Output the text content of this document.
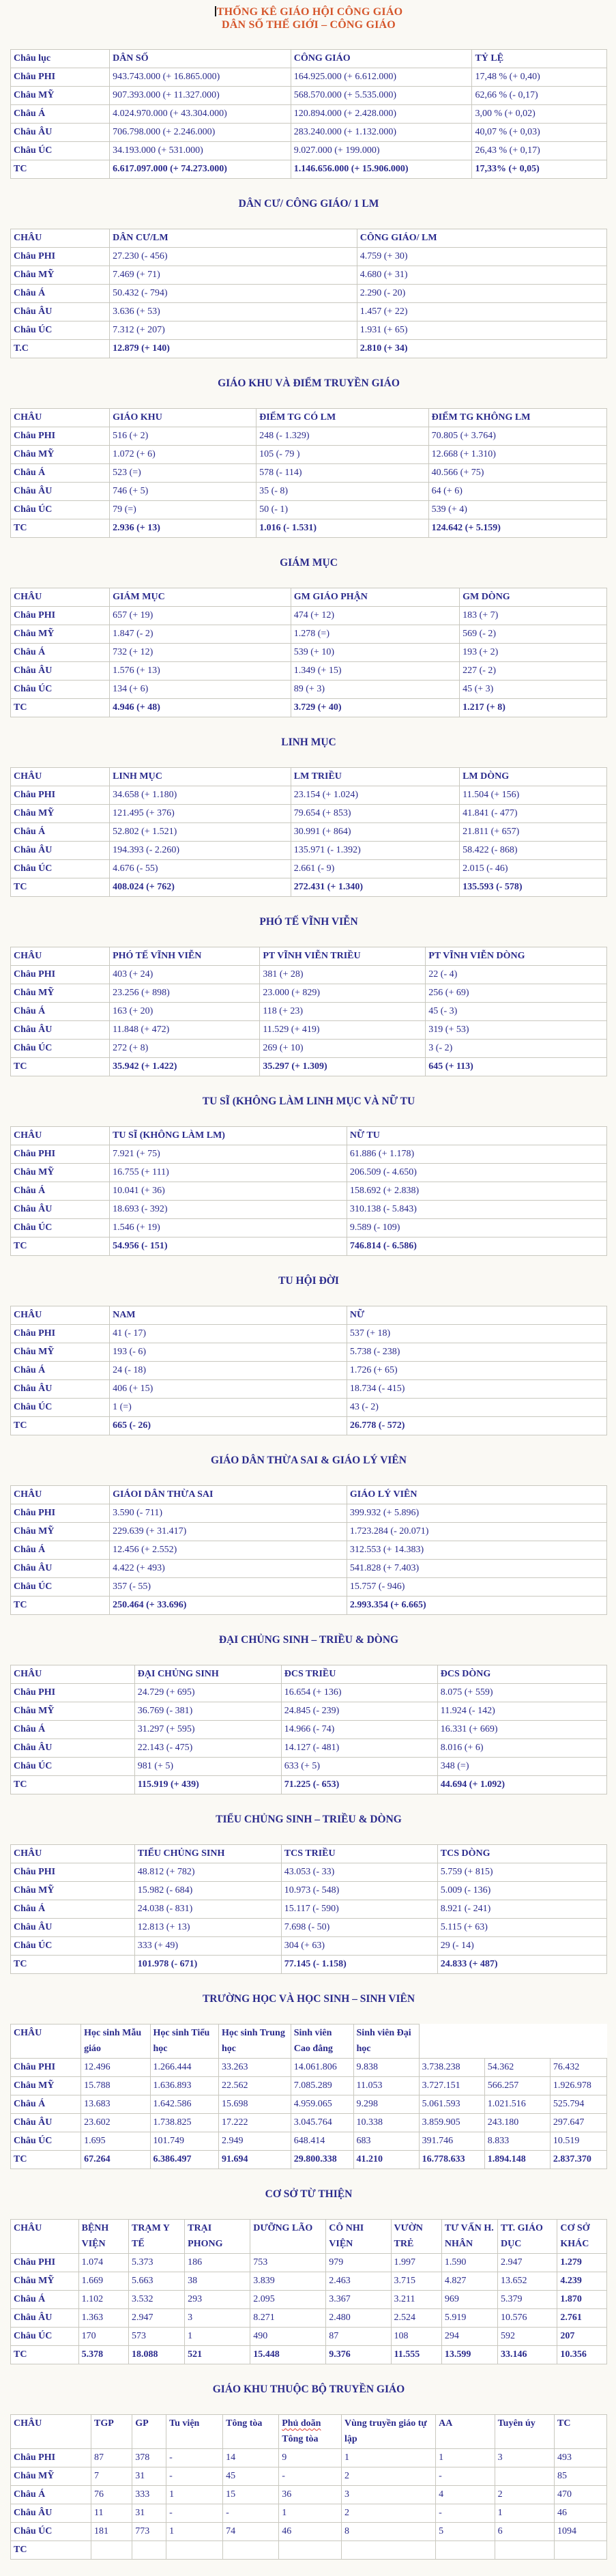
THỐNG KÊ GIÁO HỘI CÔNG GIÁO
DÂN SỐ THẾ GIỚI – CÔNG GIÁO
Châu lục	DÂN SỐ	CÔNG GIÁO	TỶ LỆ
Châu PHI	943.743.000 (+ 16.865.000)	164.925.000 (+ 6.612.000)	17,48 % (+ 0,40)
Châu MỸ	907.393.000 (+ 11.327.000)	568.570.000 (+ 5.535.000)	62,66 % (- 0,17)
Châu Á	4.024.970.000 (+ 43.304.000)	120.894.000 (+ 2.428.000)	3,00 % (+ 0,02)
Châu ÂU	706.798.000 (+ 2.246.000)	283.240.000 (+ 1.132.000)	40,07 % (+ 0,03)
Châu ÚC	34.193.000 (+ 531.000)	9.027.000 (+ 199.000)	26,43 % (+ 0,17)
TC	6.617.097.000 (+ 74.273.000)	1.146.656.000 (+ 15.906.000)	17,33% (+ 0,05)
DÂN CƯ/ CÔNG GIÁO/ 1 LM
CHÂU	DÂN CƯ/LM	CÔNG GIÁO/ LM
Châu PHI	27.230 (- 456)	4.759 (+ 30)
Châu MỸ	7.469 (+ 71)	4.680 (+ 31)
Châu Á	50.432 (- 794)	2.290 (- 20)
Châu ÂU	3.636 (+ 53)	1.457 (+ 22)
Châu ÚC	7.312 (+ 207)	1.931 (+ 65)
T.C	12.879 (+ 140)	2.810 (+ 34)
GIÁO KHU VÀ ĐIỂM TRUYỀN GIÁO
CHÂU	GIÁO KHU	ĐIỂM TG CÓ LM	ĐIỂM TG KHÔNG LM
Châu PHI	516 (+ 2)	248 (- 1.329)	70.805 (+ 3.764)
Châu MỸ	1.072 (+ 6)	105 (- 79 )	12.668 (+ 1.310)
Châu Á	523 (=)	578 (- 114)	40.566 (+ 75)
Châu ÂU	746 (+ 5)	35 (- 8)	64 (+ 6)
Châu ÚC	79 (=)	50 (- 1)	539 (+ 4)
TC	2.936 (+ 13)	1.016 (- 1.531)	124.642 (+ 5.159)
GIÁM MỤC
CHÂU	GIÁM MỤC	GM GIÁO PHẬN	GM DÒNG
Châu PHI	657 (+ 19)	474 (+ 12)	183 (+ 7)
Châu MỸ	1.847 (- 2)	1.278 (=)	569 (- 2)
Châu Á	732 (+ 12)	539 (+ 10)	193 (+ 2)
Châu ÂU	1.576 (+ 13)	1.349 (+ 15)	227 (- 2)
Châu ÚC	134 (+ 6)	89 (+ 3)	45 (+ 3)
TC	4.946 (+ 48)	3.729 (+ 40)	1.217 (+ 8)
LINH MỤC
CHÂU	LINH MỤC	LM TRIỀU	LM DÒNG
Châu PHI	34.658 (+ 1.180)	23.154 (+ 1.024)	11.504 (+ 156)
Châu MỸ	121.495 (+ 376)	79.654 (+ 853)	41.841 (- 477)
Châu Á	52.802 (+ 1.521)	30.991 (+ 864)	21.811 (+ 657)
Châu ÂU	194.393 (- 2.260)	135.971 (- 1.392)	58.422 (- 868)
Châu ÚC	4.676 (- 55)	2.661 (- 9)	2.015 (- 46)
TC	408.024 (+ 762)	272.431 (+ 1.340)	135.593 (- 578)
PHÓ TẾ VĨNH VIỄN
CHÂU	PHÓ TẾ VĨNH VIỄN	PT VĨNH VIỄN TRIỀU	PT VĨNH VIỄN DÒNG
Châu PHI	403 (+ 24)	381 (+ 28)	22 (- 4)
Châu MỸ	23.256 (+ 898)	23.000 (+ 829)	256 (+ 69)
Châu Á	163 (+ 20)	118 (+ 23)	45 (- 3)
Châu ÂU	11.848 (+ 472)	11.529 (+ 419)	319 (+ 53)
Châu ÚC	272 (+ 8)	269 (+ 10)	3 (- 2)
TC	35.942 (+ 1.422)	35.297 (+ 1.309)	645 (+ 113)
TU SĨ (KHÔNG LÀM LINH MỤC VÀ NỮ TU
CHÂU	TU SĨ (KHÔNG LÀM LM)	NỮ TU
Châu PHI	7.921 (+ 75)	61.886 (+ 1.178)
Châu MỸ	16.755 (+ 111)	206.509 (- 4.650)
Châu Á	10.041 (+ 36)	158.692 (+ 2.838)
Châu ÂU	18.693 (- 392)	310.138 (- 5.843)
Châu ÚC	1.546 (+ 19)	9.589 (- 109)
TC	54.956 (- 151)	746.814 (- 6.586)
TU HỘI ĐỜI
CHÂU	NAM	NỮ
Châu PHI	41 (- 17)	537 (+ 18)
Châu MỸ	193 (- 6)	5.738 (- 238)
Châu Á	24 (- 18)	1.726 (+ 65)
Châu ÂU	406 (+ 15)	18.734 (- 415)
Châu ÚC	1 (=)	43 (- 2)
TC	665 (- 26)	26.778 (- 572)
GIÁO DÂN THỪA SAI & GIÁO LÝ VIÊN
CHÂU	GIÁOI DÂN THỪA SAI	GIÁO LÝ VIÊN
Châu PHI	3.590 (- 711)	399.932 (+ 5.896)
Châu MỸ	229.639 (+ 31.417)	1.723.284 (- 20.071)
Châu Á	12.456 (+ 2.552)	312.553 (+ 14.383)
Châu ÂU	4.422 (+ 493)	541.828 (+ 7.403)
Châu ÚC	357 (- 55)	15.757 (- 946)
TC	250.464 (+ 33.696)	2.993.354 (+ 6.665)
ĐẠI CHỦNG SINH – TRIỀU & DÒNG
CHÂU	ĐẠI CHỦNG SINH	ĐCS TRIỀU	ĐCS DÒNG
Châu PHI	24.729 (+ 695)	16.654 (+ 136)	8.075 (+ 559)
Châu MỸ	36.769 (- 381)	24.845 (- 239)	11.924 (- 142)
Châu Á	31.297 (+ 595)	14.966 (- 74)	16.331 (+ 669)
Châu ÂU	22.143 (- 475)	14.127 (- 481)	8.016 (+ 6)
Châu ÚC	981 (+ 5)	633 (+ 5)	348 (=)
TC	115.919 (+ 439)	71.225 (- 653)	44.694 (+ 1.092)
TIỂU CHỦNG SINH – TRIỀU & DÒNG
CHÂU	TIỂU CHỦNG SINH	TCS TRIỀU	TCS DÒNG
Châu PHI	48.812 (+ 782)	43.053 (- 33)	5.759 (+ 815)
Châu MỸ	15.982 (- 684)	10.973 (- 548)	5.009 (- 136)
Châu Á	24.038 (- 831)	15.117 (- 590)	8.921 (- 241)
Châu ÂU	12.813 (+ 13)	7.698 (- 50)	5.115 (+ 63)
Châu ÚC	333 (+ 49)	304 (+ 63)	29 (- 14)
TC	101.978 (- 671)	77.145 (- 1.158)	24.833 (+ 487)
TRƯỜNG HỌC VÀ HỌC SINH – SINH VIÊN
CHÂU	Học sinh Mẫu giáo	Học sinh Tiểu học	Học sinh Trung học	Sinh viên Cao đẳng	Sinh viên Đại học			
Châu PHI	12.496	1.266.444	33.263	14.061.806	9.838	3.738.238	54.362	76.432
Châu MỸ	15.788	1.636.893	22.562	7.085.289	11.053	3.727.151	566.257	1.926.978
Châu Á	13.683	1.642.586	15.698	4.959.065	9.298	5.061.593	1.021.516	525.794
Châu ÂU	23.602	1.738.825	17.222	3.045.764	10.338	3.859.905	243.180	297.647
Châu ÚC	1.695	101.749	2.949	648.414	683	391.746	8.833	10.519
TC	67.264	6.386.497	91.694	29.800.338	41.210	16.778.633	1.894.148	2.837.370
CƠ SỞ TỪ THIỆN
CHÂU	BỆNH VIỆN	TRẠM Y TẾ	TRẠI PHONG	DƯỠNG LÃO	CÔ NHI VIỆN	VƯỜN TRẺ	TƯ VẤN H. NHÂN	TT. GIÁO DỤC	CƠ SỞ KHÁC
Châu PHI	1.074	5.373	186	753	979	1.997	1.590	2.947	1.279
Châu MỸ	1.669	5.663	38	3.839	2.463	3.715	4.827	13.652	4.239
Châu Á	1.102	3.532	293	2.095	3.367	3.211	969	5.379	1.870
Châu ÂU	1.363	2.947	3	8.271	2.480	2.524	5.919	10.576	2.761
Châu ÚC	170	573	1	490	87	108	294	592	207
TC	5.378	18.088	521	15.448	9.376	11.555	13.599	33.146	10.356
GIÁO KHU THUỘC BỘ TRUYỀN GIÁO
CHÂU	TGP	GP	Tu viện	Tông tòa	Phủ doãn Tông tòa	Vùng truyền giáo tự lập	AA	Tuyên úy	TC
Châu PHI	87	378	-	14	9	1	1	3	493
Châu MỸ	7	31	-	45	-	2	-		85
Châu Á	76	333	1	15	36	3	4	2	470
Châu ÂU	11	31	-	-	1	2	-	1	46
Châu ÚC	181	773	1	74	46	8	5	6	1094
TC									
